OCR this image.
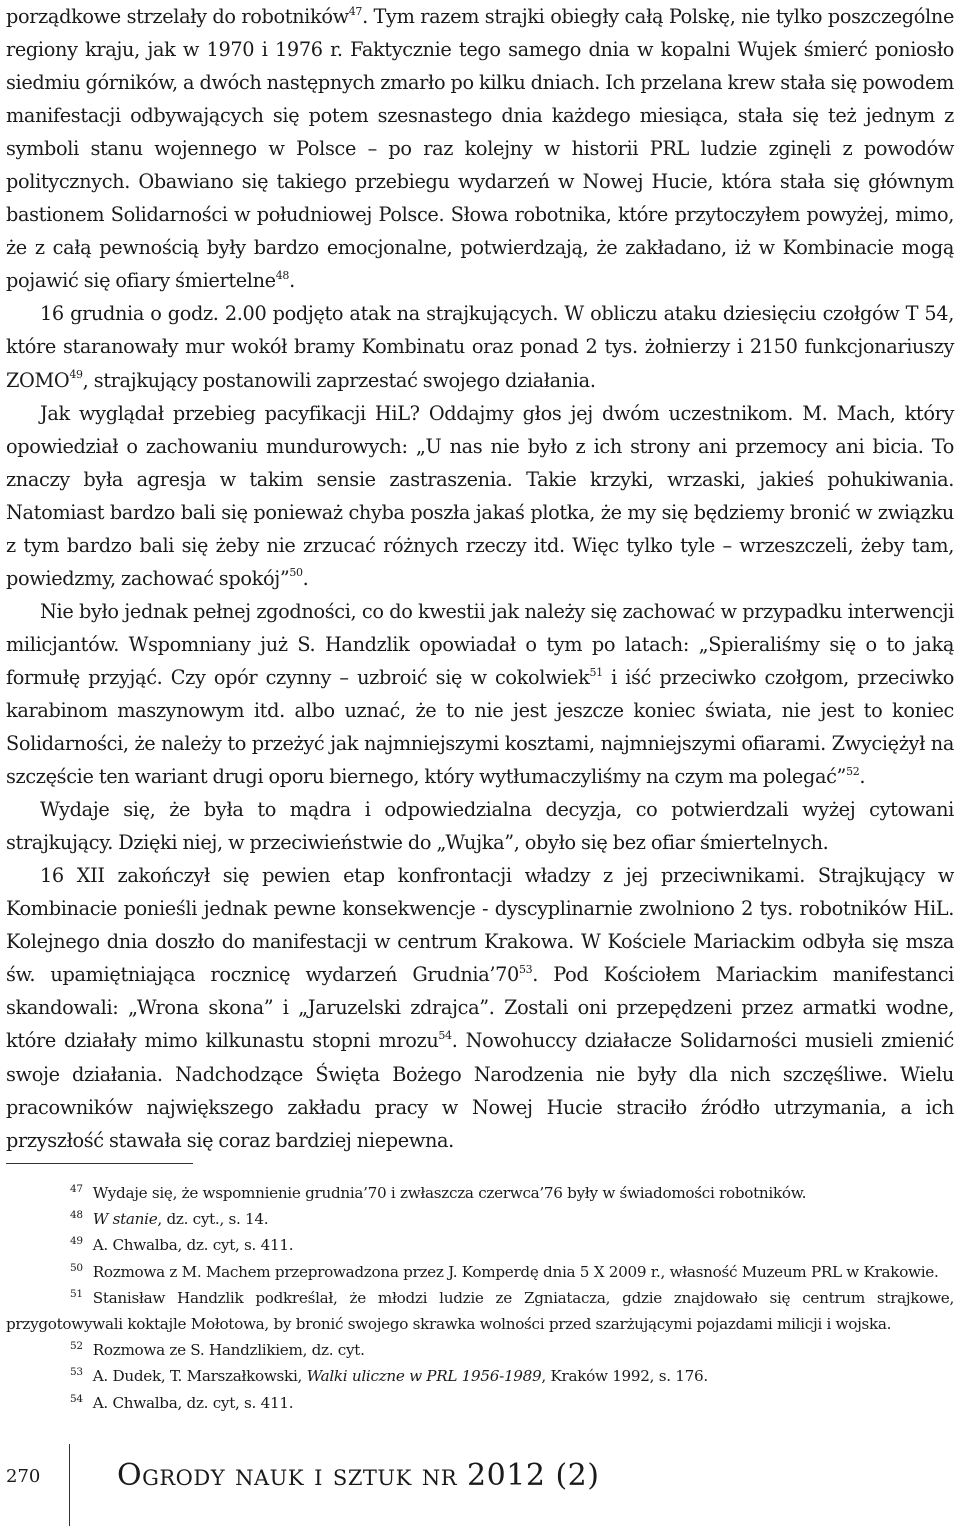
porządkowe strzelały do robotników$^{47}$. Tym razem strajki obiegły całą Polskę, nie tylko poszczególne regiony kraju, jak w 1970 i 1976 r. Faktycznie tego samego dnia w kopalni Wujek śmierć poniosło siedmiu górników, a dwóch następnych zmarło po kilku dniach. Ich przelana krew stała się powodem manifestacji odbywających się potem szesnastego dnia każdego miesiąca, stała się też jednym z symboli stanu wojennego w Polsce – po raz kolejny w historii PRL ludzie zginęli z powodów politycznych. Obawiano się takiego przebiegu wydarzeń w Nowej Hucie, która stała się głównym bastionem Solidarności w południowej Polsce. Słowa robotnika, które przytoczyłem powyżej, mimo, że z całą pewnością były bardzo emocjonalne, potwierdzają, że zakładano, iż w Kombinacie mogą pojawić się ofiary śmiertelne$^{48}$.

16 grudnia o godz. 2.00 podjęto atak na strajkujących. W obliczu ataku dziesięciu czołgów T 54, które staranowały mur wokół bramy Kombinatu oraz ponad 2 tys. żołnierzy i 2150 funkcjonariuszy ZOMO$^{49}$, strajkujący postanowili zaprzestać swojego działania.

Jak wyglądał przebieg pacyfikacji HiL? Oddajmy głos jej dwóm uczestnikom. M. Mach, który opowiedział o zachowaniu mundurowych: „U nas nie było z ich strony ani przemocy ani bicia. To znaczy była agresja w takim sensie zastraszenia. Takie krzyki, wrzaski, jakieś pohukiwania. Natomiast bardzo bali się ponieważ chyba poszła jakaś plotka, że my się będziemy bronić w związku z tym bardzo bali się żeby nie zrzucać różnych rzeczy itd. Więc tylko tyle – wrzeszczeli, żeby tam, powiedzmy, zachować spokój”$^{50}$.

Nie było jednak pełnej zgodności, co do kwestii jak należy się zachować w przypadku interwencji milicjantów. Wspomniany już S. Handzlik opowiadał o tym po latach: „Spieraliśmy się o to jaką formułę przyjąć. Czy opór czynny – uzbroić się w cokolwiek$^{51}$ i iść przeciwko czołgom, przeciwko karabinom maszynowym itd. albo uznać, że to nie jest jeszcze koniec świata, nie jest to koniec Solidarności, że należy to przeżyć jak najmniejszymi kosztami, najmniejszymi ofiarami. Zwyciężył na szczęście ten wariant drugi oporu biernego, który wytłumaczyliśmy na czym ma polegać”$^{52}$.

Wydaje się, że była to mądra i odpowiedzialna decyzja, co potwierdzali wyżej cytowani strajkujący. Dzięki niej, w przeciwieństwie do „Wujka”, obyło się bez ofiar śmiertelnych.

16 XII zakończył się pewien etap konfrontacji władzy z jej przeciwnikami. Strajkujący w Kombinacie ponieśli jednak pewne konsekwencje - dyscyplinarnie zwolniono 2 tys. robotników HiL. Kolejnego dnia doszło do manifestacji w centrum Krakowa. W Kościele Mariackim odbyła się msza św. upamiętniająca rocznicę wydarzeń $Grudnia’70^{53}$. Pod Kościołem Mariackim manifestanci skandowali: „Wrona skona” i „Jaruzelski zdrajca”. Zostali oni przepędzeni przez armatki wodne, które działały mimo kilkunastu stopni mrozu$^{54}$. Nowohuccy działacze Solidarności musieli zmienić swoje działania. Nadchodzące Święta Bożego Narodzenia nie były dla nich szczęśliwe. Wielu pracowników największego zakładu pracy w Nowej Hucie straciło źródło utrzymania, a ich przyszłość stawała się coraz bardziej niepewna.

47 Wydaje się, że wspomnienie grudnia’70 i zwłaszcza czerwca’76 były w świadomości robotników.

48 W stanie, dz. cyt., s. 14.

49 A. Chwalba, dz. cyt, s. 411.

50 Rozmowa z M. Machem przeprowadzona przez J. Komperdę dnia 5 X 2009 r., własność Muzeum PRL w Krakowie.

51 Stanisław Handzlik podkreślał, że młodzi ludzie ze Zgniatacza, gdzie znajdowało się centrum strajkowe, przygotowywali koktajle Mołotowa, by bronić swojego skrawka wolności przed szarżującymi pojazdami milicji i wojska.

52 Rozmowa ze S. Handzlikiem, dz. cyt.

53 A. Dudek, T. Marszałkowski, Walki uliczne w PRL 1956-1989, Kraków 1992, s. 176.

54 A. Chwalba, dz. cyt, s. 411.

270	Ogrody nauk i sztuk nr 2012 (2)
